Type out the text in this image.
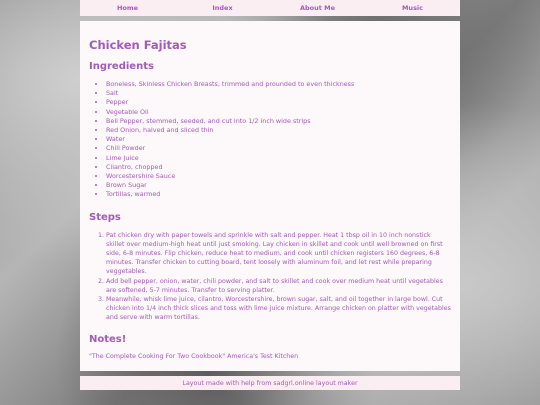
Home	Index	About Me	Music
Chicken Fajitas
Ingredients
• Boneless, Skinless Chicken Breasts, trimmed and prounded to even thickness
• Salt
• Pepper
• Vegetable Oil
• Bell Pepper, stemmed, seeded, and cut into 1/2 inch wide strips
• Red Onion, halved and sliced thin
• Water
• Chili Powder
• Lime Juice
• Cilantro, chopped
• Worcestershire Sauce
• Brown Sugar
• Tortillas, warmed
Steps
1. Pat chicken dry with paper towels and sprinkle with salt and pepper. Heat 1 tbsp oil in 10 inch nonstick skillet over medium-high heat until just smoking. Lay chicken in skillet and cook until well browned on first side, 6-8 minutes. Flip chicken, reduce heat to medium, and cook until chicken registers 160 degrees, 6-8 minutes. Transfer chicken to cutting board, tent loosely with aluminum foil, and let rest while preparing veggetables.
2. Add bell pepper, onion, water, chili powder, and salt to skillet and cook over medium heat until vegetables are softened, 5-7 minutes. Transfer to serving platter.
3. Meanwhile, whisk lime juice, cilantro, Worcestershire, brown sugar, salt, and oil together in large bowl. Cut chicken into 1/4 inch thick slices and toss with lime juice mixture. Arrange chicken on platter with vegetables and serve with warm tortillas.
Notes!

"The Complete Cooking For Two Cookbook" America's Test Kitchen

Layout made with help from sadgrl.online layout maker
